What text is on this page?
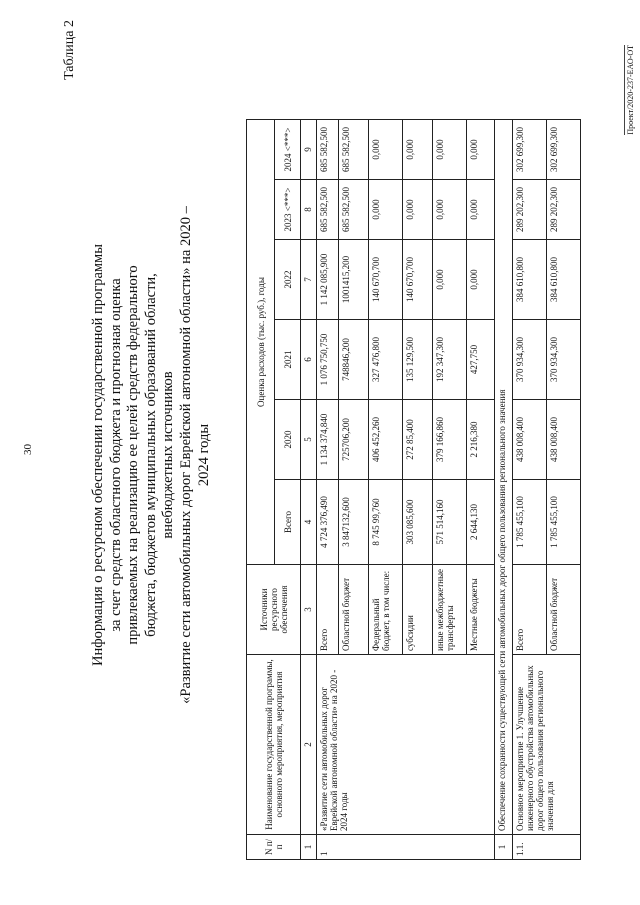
30
Таблица 2
Информация о ресурсном обеспечении государственной программы за счет средств областного бюджета и прогнозная оценка привлекаемых на реализацию ее целей средств федерального бюджета, бюджетов муниципальных образований области, внебюджетных источников «Развитие сети автомобильных дорог Еврейской автономной области» на 2020 – 2024 годы
N п/п	Наименование государственной программы, основного мероприятия, мероприятия	Источники ресурсного обеспечения	Оценка расходов (тыс. руб.), годы					
			Всего	2020	2021	2022	2023 <***>	2024 <***>
1	2	3	4	5	6	7	8	9
1	«Развитие сети автомобильных дорог Еврейской автономной области» на 2020 - 2024 годы	Всего	4 724 376,490	1 134 374,840	1 076 750,750	1 142 085,900	685 582,500	685 582,500
		Областной бюджет	3 847132,600	725706,200	748846,200	1001415,200	685 582,500	685 582,500
		Федеральный бюджет, в том числе:	8 745 99,760	406 452,260	327 476,800	140 670,700	0,000	0,000
		субсидии	303 085,600	272 85,400	135 129,500	140 670,700	0,000	0,000
		иные межбюджетные трансферты	571 514,160	379 166,860	192 347,300	0,000	0,000	0,000
		Местные бюджеты	2 644,130	2 216,380	427,750	0,000	0,000	0,000
1	Обеспечение сохранности существующей сети автомобильных дорог общего пользования регионального значения							
1.1.	Основное мероприятие 1. Улучшение инженерного обустройства автомобильных дорог общего пользования регионального значения для	Всего	1 785 455,100	438 008,400	370 934,300	384 610,800	289 202,300	302 699,300
		Областной бюджет	1 785 455,100	438 008,400	370 934,300	384 610,800	289 202,300	302 699,300
Проект/2020-237-ЕАО-ОТ
